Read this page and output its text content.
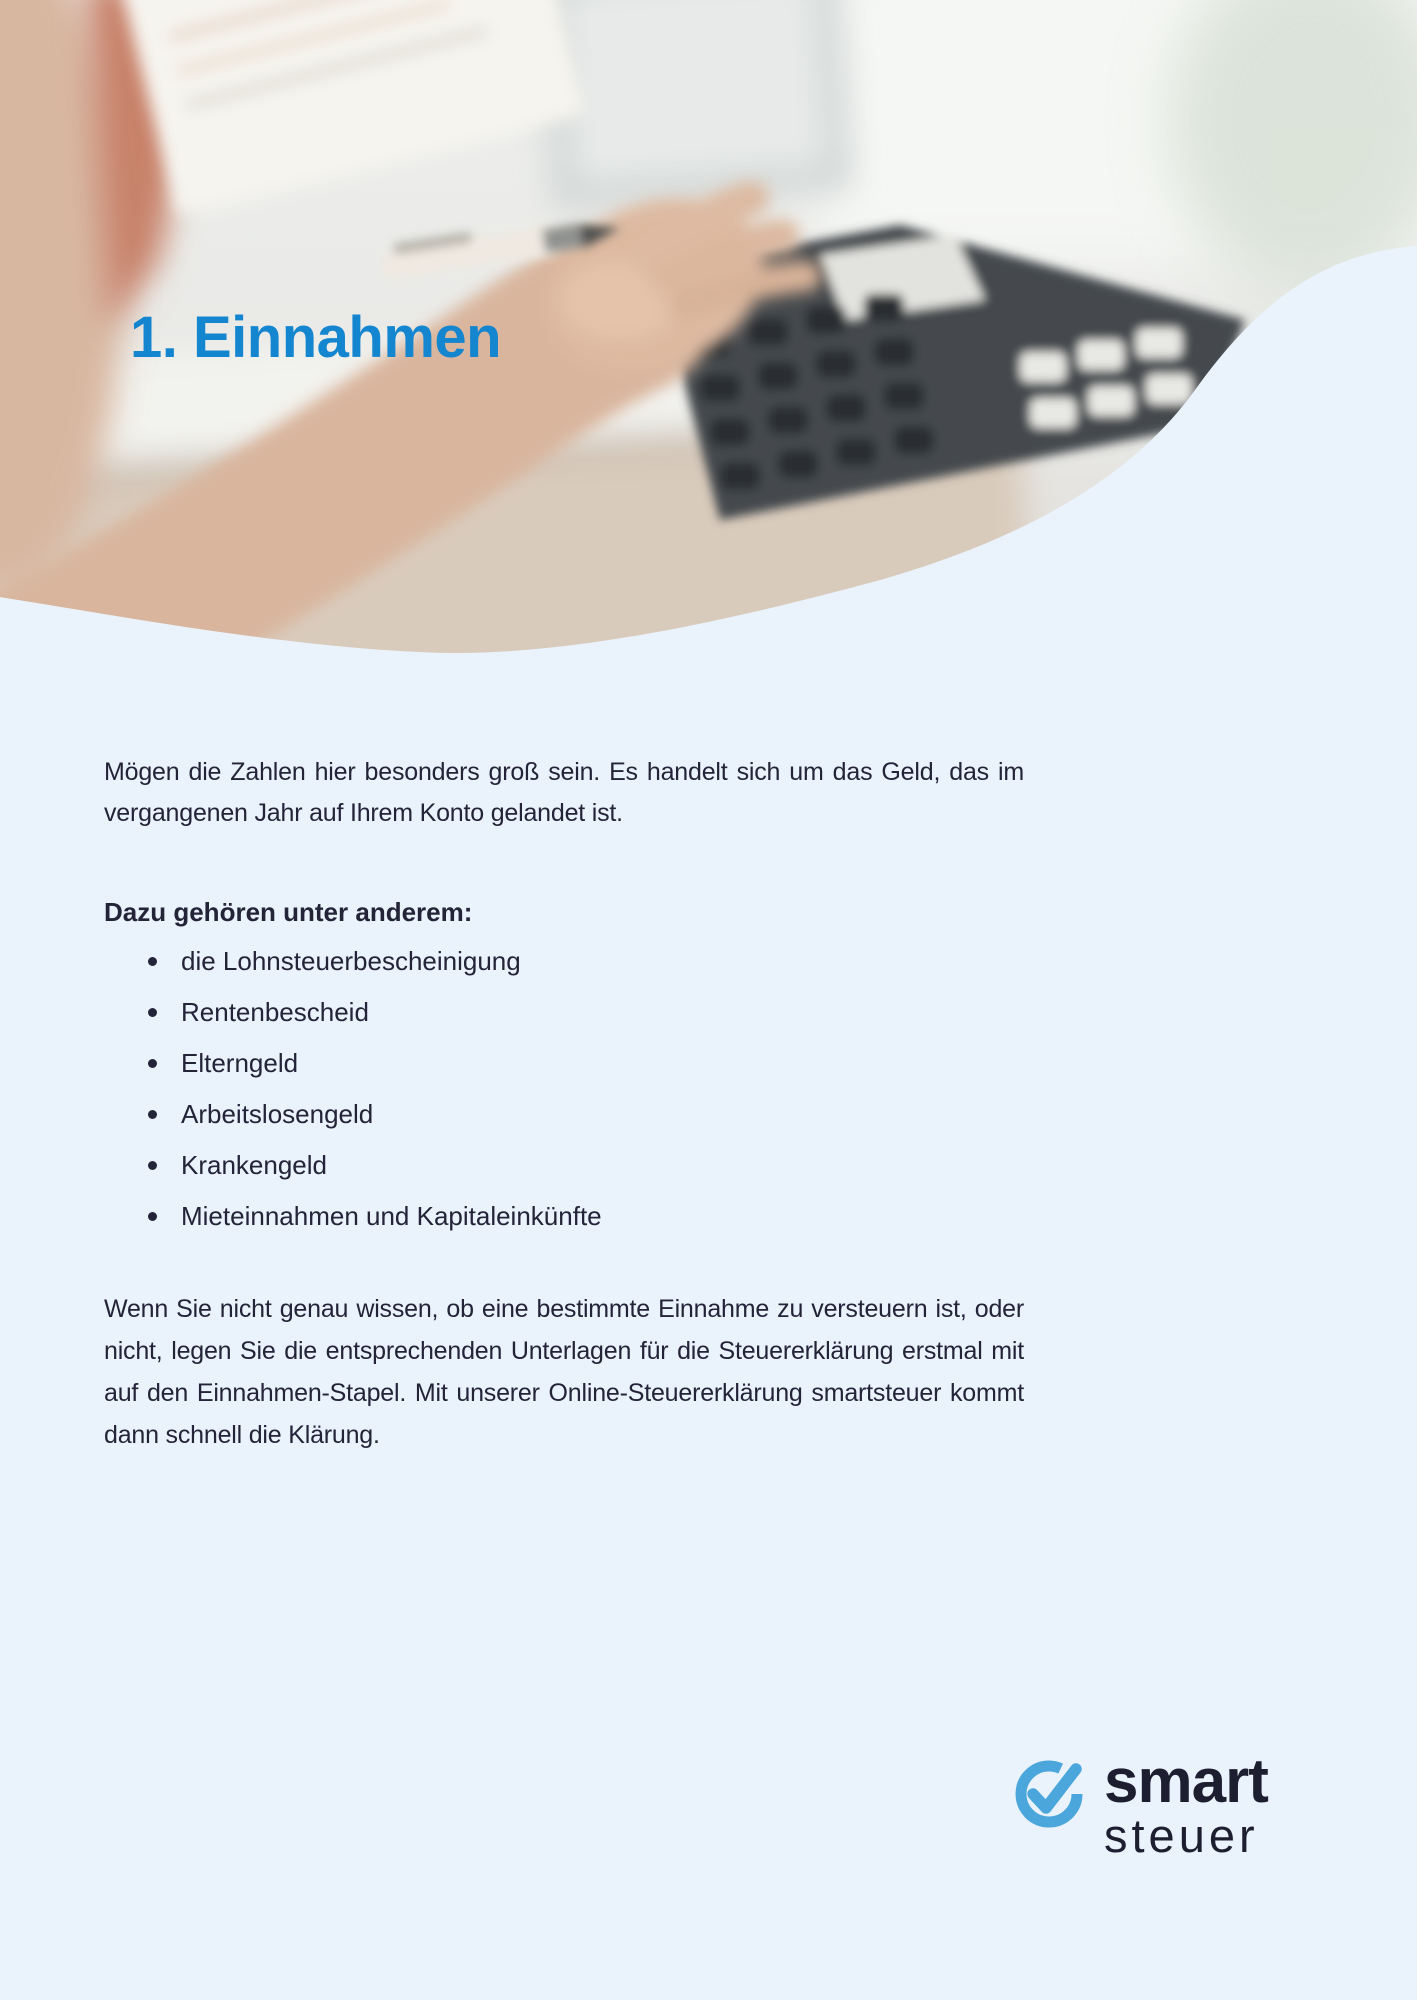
1. Einnahmen

Mögen die Zahlen hier besonders groß sein. Es handelt sich um das Geld, das im vergangenen Jahr auf Ihrem Konto gelandet ist.

Dazu gehören unter anderem:

die Lohnsteuerbescheinigung
Rentenbescheid
Elterngeld
Arbeitslosengeld
Krankengeld
Mieteinnahmen und Kapitaleinkünfte

Wenn Sie nicht genau wissen, ob eine bestimmte Einnahme zu versteuern ist, oder nicht, legen Sie die entsprechenden Unterlagen für die Steuererklärung erstmal mit auf den Einnahmen-Stapel. Mit unserer Online-Steuererklärung smartsteuer kommt dann schnell die Klärung.

smart
steuer
